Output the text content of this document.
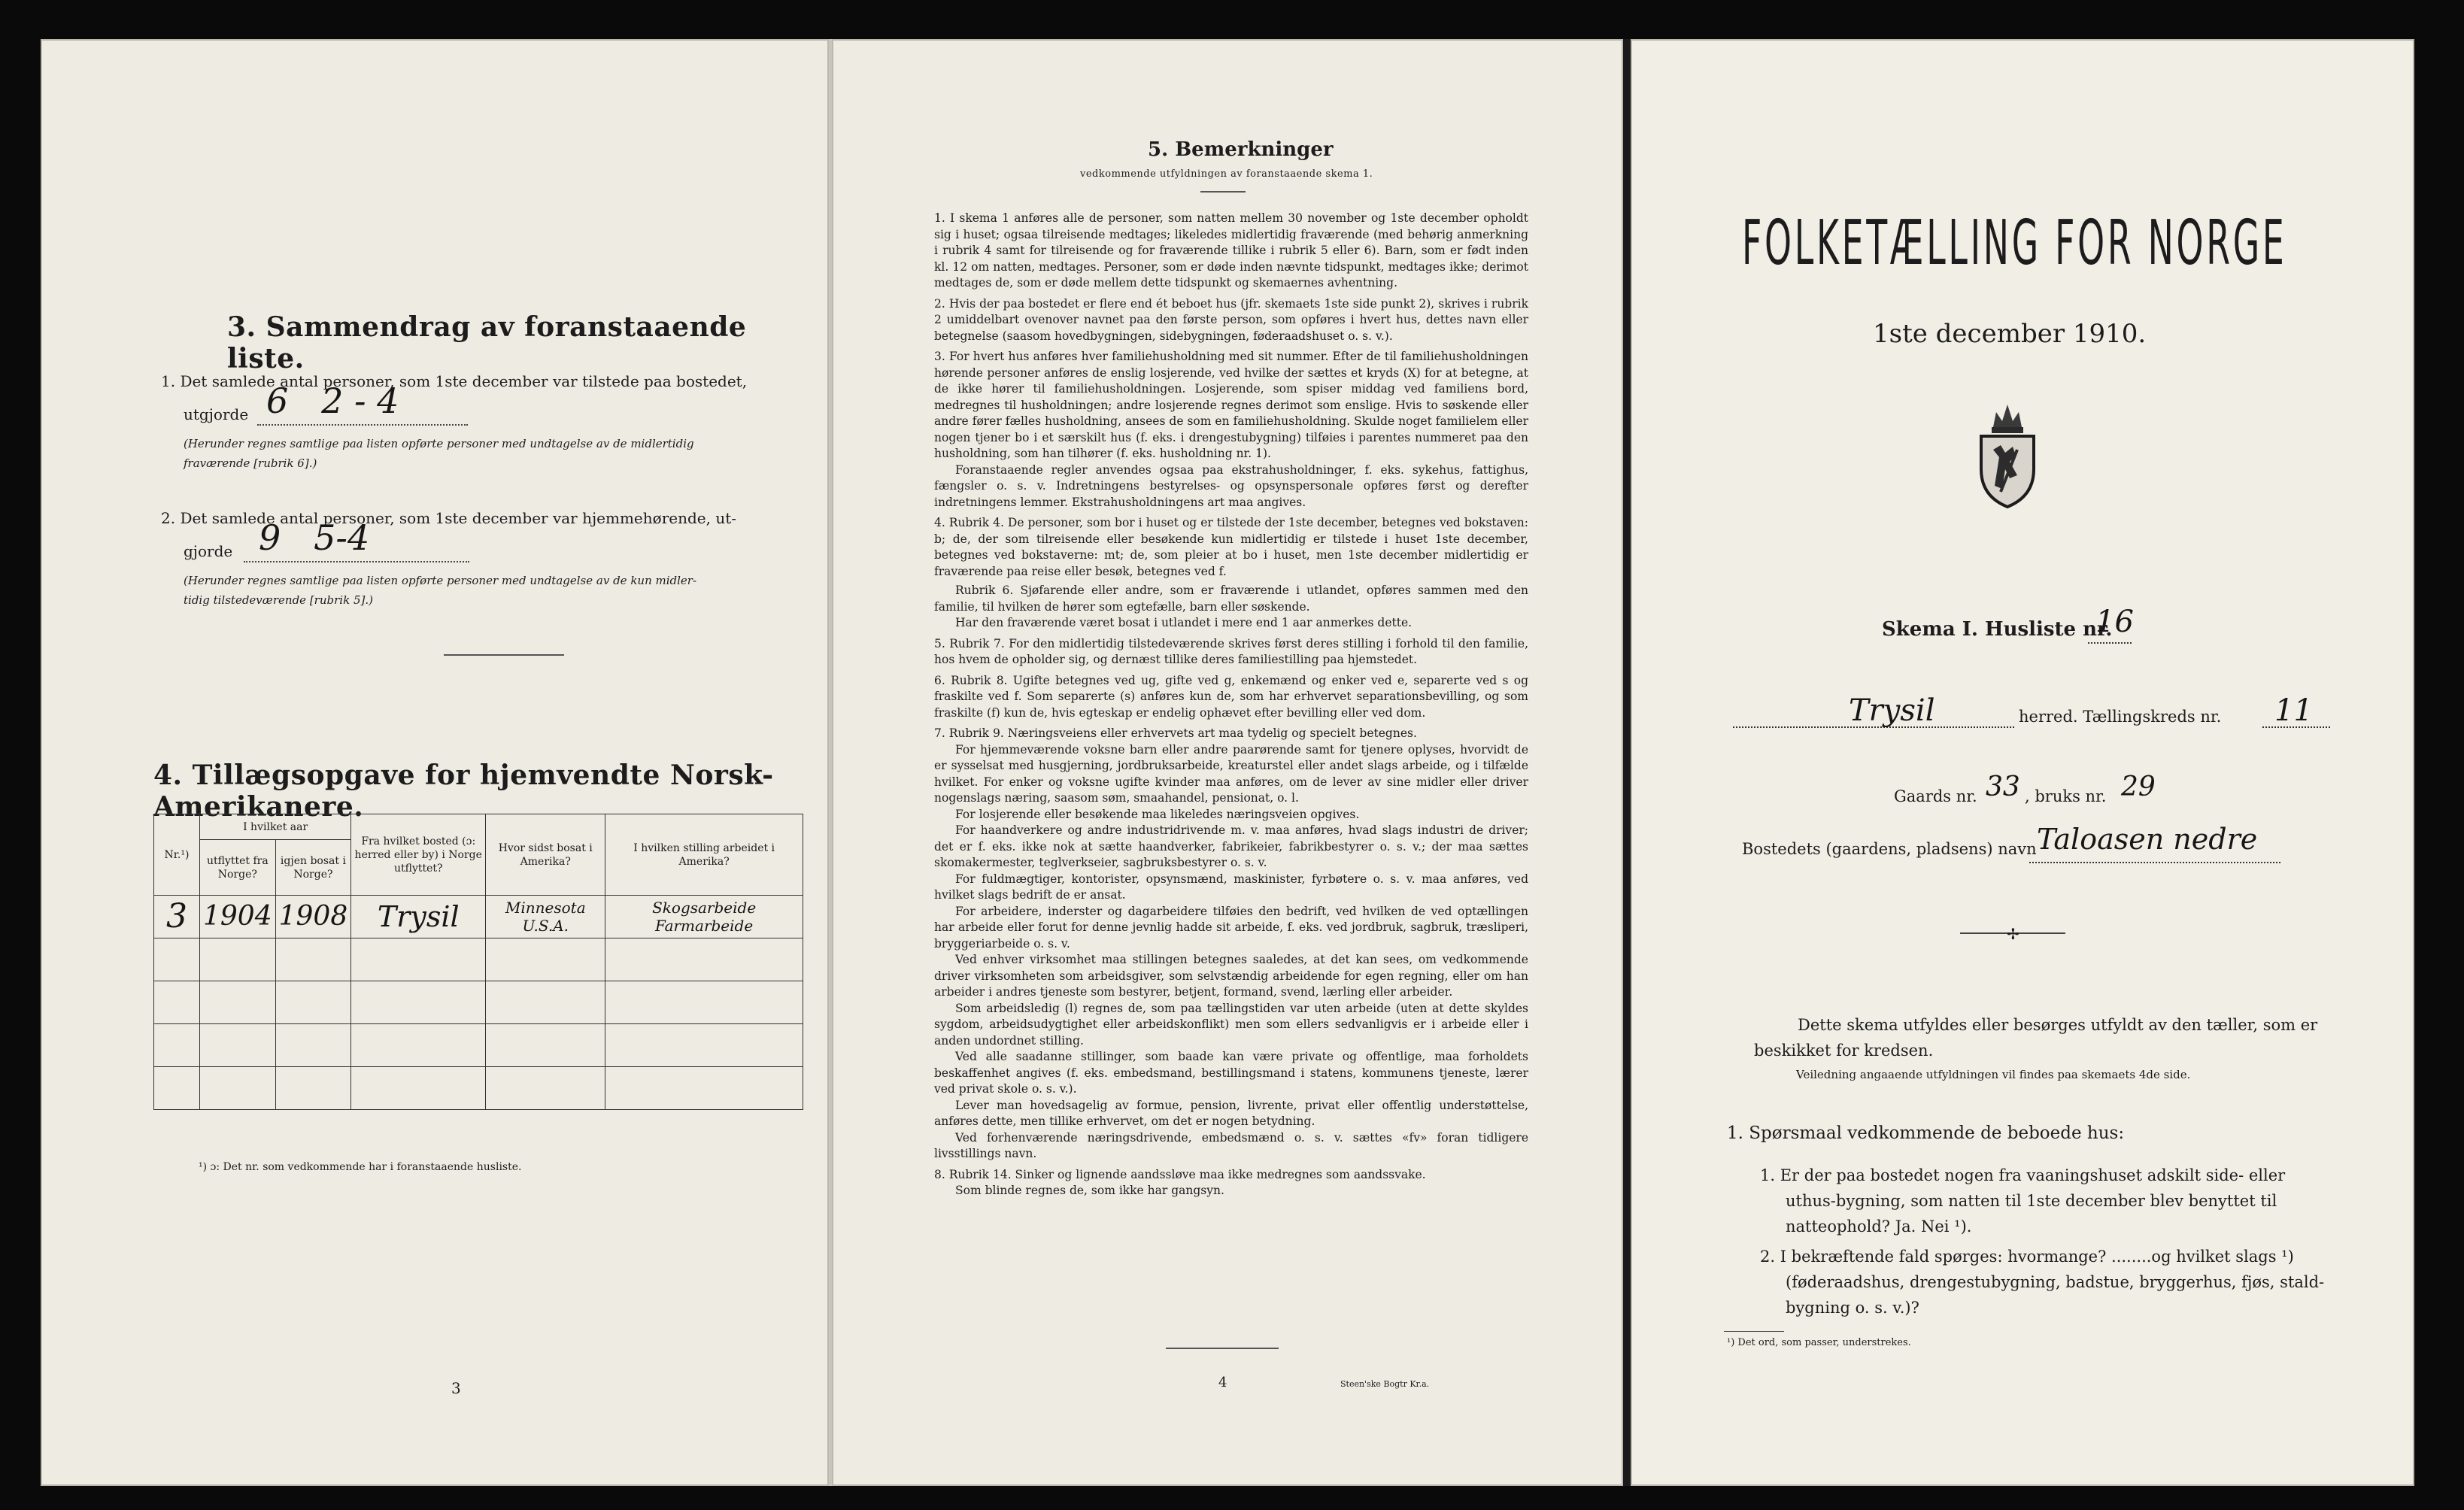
3. Sammendrag av foranstaaende liste.
1. Det samlede antal personer, som 1ste december var tilstede paa bostedet,
utgjorde 6   2 - 4
(Herunder regnes samtlige paa listen opførte personer med undtagelse av de midlertidig
fraværende [rubrik 6].)
2. Det samlede antal personer, som 1ste december var hjemmehørende, ut-
gjorde 9   5-4
(Herunder regnes samtlige paa listen opførte personer med undtagelse av de kun midler-
tidig tilstedeværende [rubrik 5].)
4. Tillægsopgave for hjemvendte Norsk-Amerikanere.
Nr.¹)	I hvilket aar		Fra hvilket bosted (ɔ: herred eller by) i Norge utflyttet?	Hvor sidst bosat i Amerika?	I hvilken stilling arbeidet i Amerika?
	utflyttet fra Norge?	igjen bosat i Norge?			
3	1904	1908	Trysil	Minnesota U.S.A.	Skogsarbeide Farmarbeide

¹) ɔ: Det nr. som vedkommende har i foranstaaende husliste.
3
5. Bemerkninger
vedkommende utfyldningen av foranstaaende skema 1.

1. I skema 1 anføres alle de personer, som natten mellem 30 november og 1ste december opholdt sig i huset; ogsaa tilreisende medtages; likeledes midlertidig fraværende (med behørig anmerkning i rubrik 4 samt for tilreisende og for fraværende tillike i rubrik 5 eller 6). Barn, som er født inden kl. 12 om natten, medtages. Personer, som er døde inden nævnte tidspunkt, medtages ikke; derimot medtages de, som er døde mellem dette tidspunkt og skemaernes avhentning.

2. Hvis der paa bostedet er flere end ét beboet hus (jfr. skemaets 1ste side punkt 2), skrives i rubrik 2 umiddelbart ovenover navnet paa den første person, som opføres i hvert hus, dettes navn eller betegnelse (saasom hovedbygningen, sidebygningen, føderaadshuset o. s. v.).

3. For hvert hus anføres hver familiehusholdning med sit nummer. Efter de til familiehusholdningen hørende personer anføres de enslig losjerende, ved hvilke der sættes et kryds (X) for at betegne, at de ikke hører til familiehusholdningen. Losjerende, som spiser middag ved familiens bord, medregnes til husholdningen; andre losjerende regnes derimot som enslige. Hvis to søskende eller andre fører fælles husholdning, ansees de som en familiehusholdning. Skulde noget familielem eller nogen tjener bo i et særskilt hus (f. eks. i drengestubygning) tilføies i parentes nummeret paa den husholdning, som han tilhører (f. eks. husholdning nr. 1).

Foranstaaende regler anvendes ogsaa paa ekstrahusholdninger, f. eks. sykehus, fattighus, fængsler o. s. v. Indretningens bestyrelses- og opsynspersonale opføres først og derefter indretningens lemmer. Ekstrahusholdningens art maa angives.

4. Rubrik 4. De personer, som bor i huset og er tilstede der 1ste december, betegnes ved bokstaven: b; de, der som tilreisende eller besøkende kun midlertidig er tilstede i huset 1ste december, betegnes ved bokstaverne: mt; de, som pleier at bo i huset, men 1ste december midlertidig er fraværende paa reise eller besøk, betegnes ved f.

Rubrik 6. Sjøfarende eller andre, som er fraværende i utlandet, opføres sammen med den familie, til hvilken de hører som egtefælle, barn eller søskende.

Har den fraværende været bosat i utlandet i mere end 1 aar anmerkes dette.

5. Rubrik 7. For den midlertidig tilstedeværende skrives først deres stilling i forhold til den familie, hos hvem de opholder sig, og dernæst tillike deres familiestilling paa hjemstedet.

6. Rubrik 8. Ugifte betegnes ved ug, gifte ved g, enkemænd og enker ved e, separerte ved s og fraskilte ved f. Som separerte (s) anføres kun de, som har erhvervet separationsbevilling, og som fraskilte (f) kun de, hvis egteskap er endelig ophævet efter bevilling eller ved dom.

7. Rubrik 9. Næringsveiens eller erhvervets art maa tydelig og specielt betegnes.

For hjemmeværende voksne barn eller andre paarørende samt for tjenere oplyses, hvorvidt de er sysselsat med husgjerning, jordbruksarbeide, kreaturstel eller andet slags arbeide, og i tilfælde hvilket. For enker og voksne ugifte kvinder maa anføres, om de lever av sine midler eller driver nogenslags næring, saasom søm, smaahandel, pensionat, o. l.

For losjerende eller besøkende maa likeledes næringsveien opgives.

For haandverkere og andre industridrivende m. v. maa anføres, hvad slags industri de driver; det er f. eks. ikke nok at sætte haandverker, fabrikeier, fabrikbestyrer o. s. v.; der maa sættes skomakermester, teglverkseier, sagbruksbestyrer o. s. v.

For fuldmægtiger, kontorister, opsynsmænd, maskinister, fyrbøtere o. s. v. maa anføres, ved hvilket slags bedrift de er ansat.

For arbeidere, inderster og dagarbeidere tilføies den bedrift, ved hvilken de ved optællingen har arbeide eller forut for denne jevnlig hadde sit arbeide, f. eks. ved jordbruk, sagbruk, træsliperi, bryggeriarbeide o. s. v.

Ved enhver virksomhet maa stillingen betegnes saaledes, at det kan sees, om vedkommende driver virksomheten som arbeidsgiver, som selvstændig arbeidende for egen regning, eller om han arbeider i andres tjeneste som bestyrer, betjent, formand, svend, lærling eller arbeider.

Som arbeidsledig (l) regnes de, som paa tællingstiden var uten arbeide (uten at dette skyldes sygdom, arbeidsudygtighet eller arbeidskonflikt) men som ellers sedvanligvis er i arbeide eller i anden undordnet stilling.

Ved alle saadanne stillinger, som baade kan være private og offentlige, maa forholdets beskaffenhet angives (f. eks. embedsmand, bestillingsmand i statens, kommunens tjeneste, lærer ved privat skole o. s. v.).

Lever man hovedsagelig av formue, pension, livrente, privat eller offentlig understøttelse, anføres dette, men tillike erhvervet, om det er nogen betydning.

Ved forhenværende næringsdrivende, embedsmænd o. s. v. sættes «fv» foran tidligere livsstillings navn.

8. Rubrik 14. Sinker og lignende aandssløve maa ikke medregnes som aandssvake.

Som blinde regnes de, som ikke har gangsyn.

4	Steen'ske Bogtr Kr.a.
FOLKETÆLLING FOR NORGE
1ste december 1910.
Skema I. Husliste nr.
16
Trysil	herred. Tællingskreds nr. 11
Gaards nr. 33 , bruks nr. 29
Bostedets (gaardens, pladsens) navn Taloasen nedre
✢
Dette skema utfyldes eller besørges utfyldt av den tæller, som er
beskikket for kredsen.
Veiledning angaaende utfyldningen vil findes paa skemaets 4de side.
1. Spørsmaal vedkommende de beboede hus:
1. Er der paa bostedet nogen fra vaaningshuset adskilt side- eller
uthus-bygning, som natten til 1ste december blev benyttet til
natteophold? Ja. Nei ¹).
2. I bekræftende fald spørges: hvormange? ........og hvilket slags ¹)
(føderaadshus, drengestubygning, badstue, bryggerhus, fjøs, stald-
bygning o. s. v.)?
¹) Det ord, som passer, understrekes.
